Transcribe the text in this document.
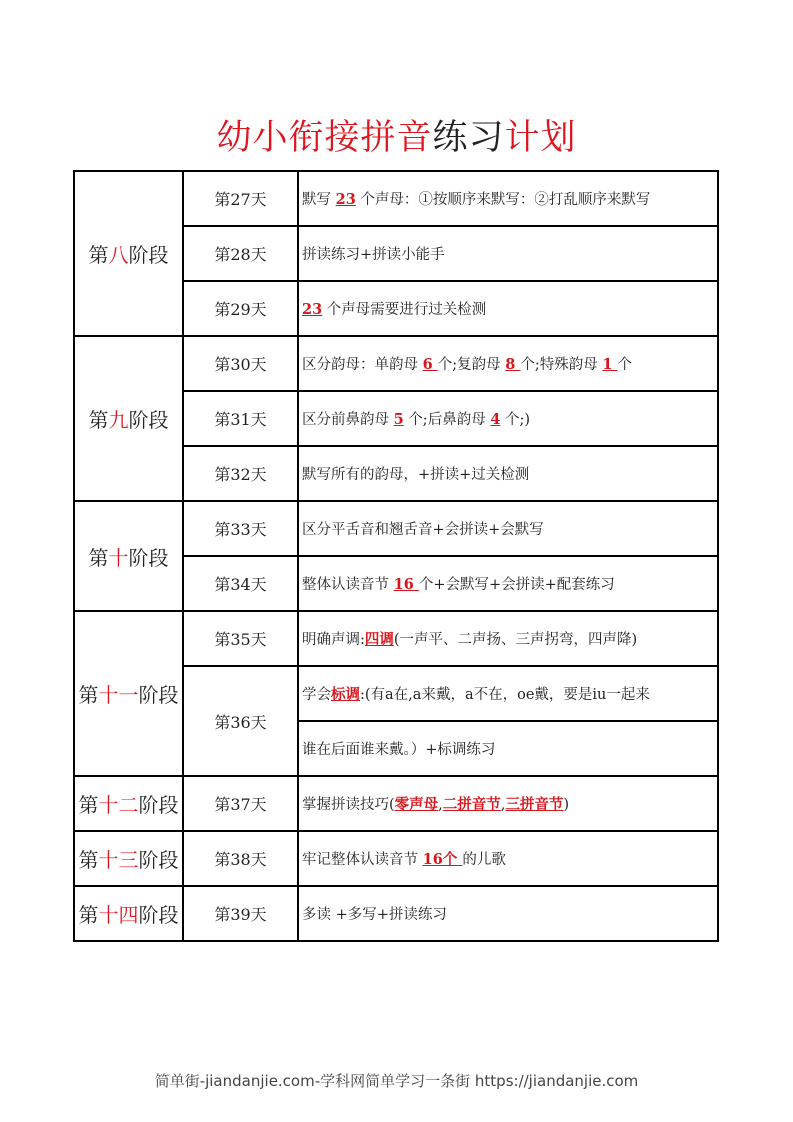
幼小衔接拼音练习计划
第八阶段	第27天	默写 23 个声母：①按顺序来默写：②打乱顺序来默写
	第28天	拼读练习+拼读小能手
	第29天	23 个声母需要进行过关检测
第九阶段	第30天	区分韵母：单韵母 6 个;复韵母 8 个;特殊韵母 1 个
	第31天	区分前鼻韵母 5 个;后鼻韵母 4 个;)
	第32天	默写所有的韵母，+拼读+过关检测
第十阶段	第33天	区分平舌音和翘舌音+会拼读+会默写
	第34天	整体认读音节 16 个+会默写+会拼读+配套练习
第十一阶段	第35天	明确声调:四调(一声平、二声扬、三声拐弯，四声降)
	第36天	学会标调:(有a在,a来戴，a不在，oe戴，要是iu一起来
		谁在后面谁来戴。）+标调练习
第十二阶段	第37天	掌握拼读技巧(零声母,二拼音节,三拼音节)
第十三阶段	第38天	牢记整体认读音节 16个 的儿歌
第十四阶段	第39天	多读 +多写+拼读练习
简单街-jiandanjie.com-学科网简单学习一条街 https://jiandanjie.com
